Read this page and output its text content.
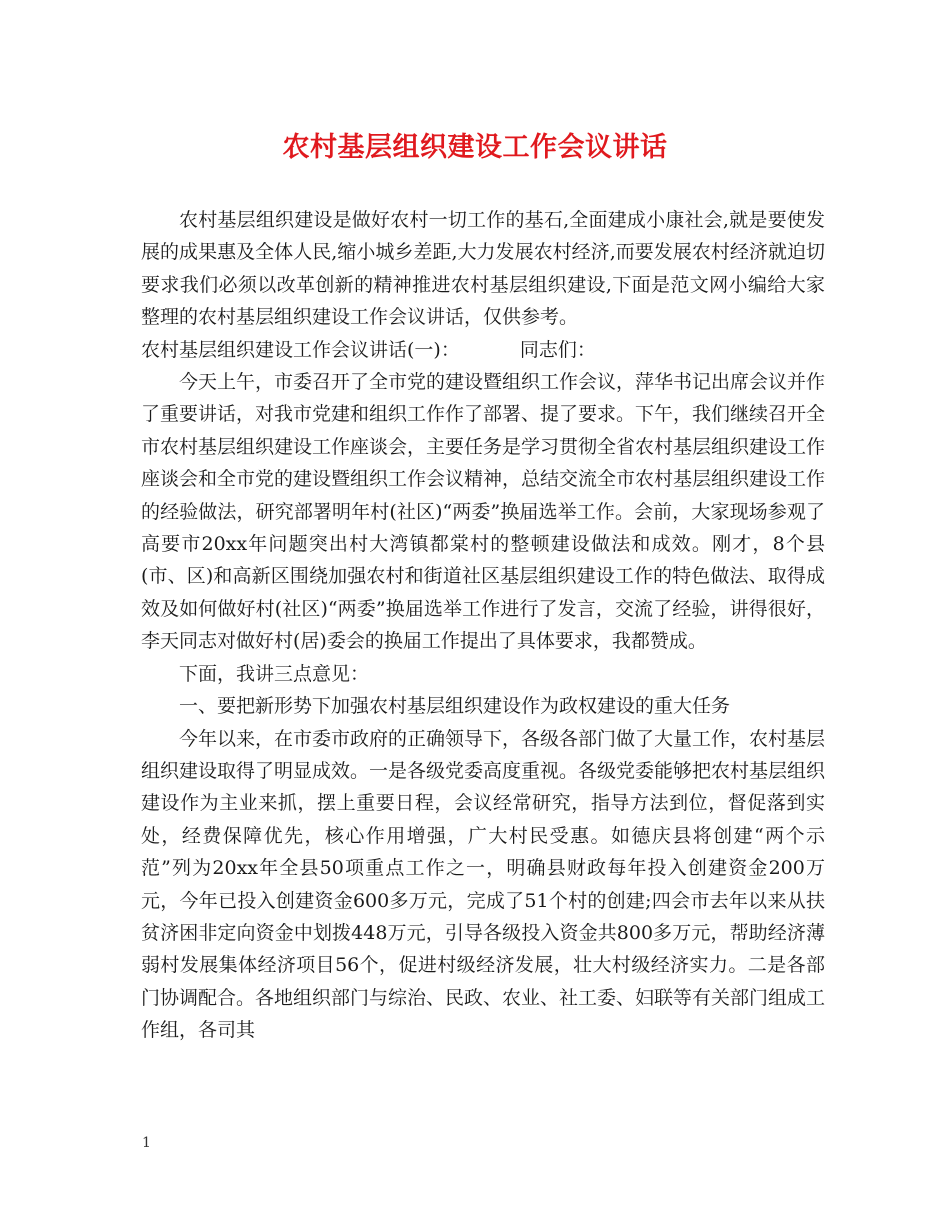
农村基层组织建设工作会议讲话

农村基层组织建设是做好农村一切工作的基石,全面建成小康社会,就是要使发展的成果惠及全体人民,缩小城乡差距,大力发展农村经济,而要发展农村经济就迫切要求我们必须以改革创新的精神推进农村基层组织建设,下面是范文网小编给大家整理的农村基层组织建设工作会议讲话，仅供参考。

农村基层组织建设工作会议讲话(一)：	同志们：

今天上午，市委召开了全市党的建设暨组织工作会议，萍华书记出席会议并作了重要讲话，对我市党建和组织工作作了部署、提了要求。下午，我们继续召开全市农村基层组织建设工作座谈会，主要任务是学习贯彻全省农村基层组织建设工作座谈会和全市党的建设暨组织工作会议精神，总结交流全市农村基层组织建设工作的经验做法，研究部署明年村(社区)“两委”换届选举工作。会前，大家现场参观了高要市20xx年问题突出村大湾镇都棠村的整顿建设做法和成效。刚才，8个县(市、区)和高新区围绕加强农村和街道社区基层组织建设工作的特色做法、取得成效及如何做好村(社区)“两委”换届选举工作进行了发言，交流了经验，讲得很好，李天同志对做好村(居)委会的换届工作提出了具体要求，我都赞成。

下面，我讲三点意见：

一、要把新形势下加强农村基层组织建设作为政权建设的重大任务

今年以来，在市委市政府的正确领导下，各级各部门做了大量工作，农村基层组织建设取得了明显成效。一是各级党委高度重视。各级党委能够把农村基层组织建设作为主业来抓，摆上重要日程，会议经常研究，指导方法到位，督促落到实处，经费保障优先，核心作用增强，广大村民受惠。如德庆县将创建“两个示范”列为20xx年全县50项重点工作之一，明确县财政每年投入创建资金200万元，今年已投入创建资金600多万元，完成了51个村的创建;四会市去年以来从扶贫济困非定向资金中划拨448万元，引导各级投入资金共800多万元，帮助经济薄弱村发展集体经济项目56个，促进村级经济发展，壮大村级经济实力。二是各部门协调配合。各地组织部门与综治、民政、农业、社工委、妇联等有关部门组成工作组，各司其

1
